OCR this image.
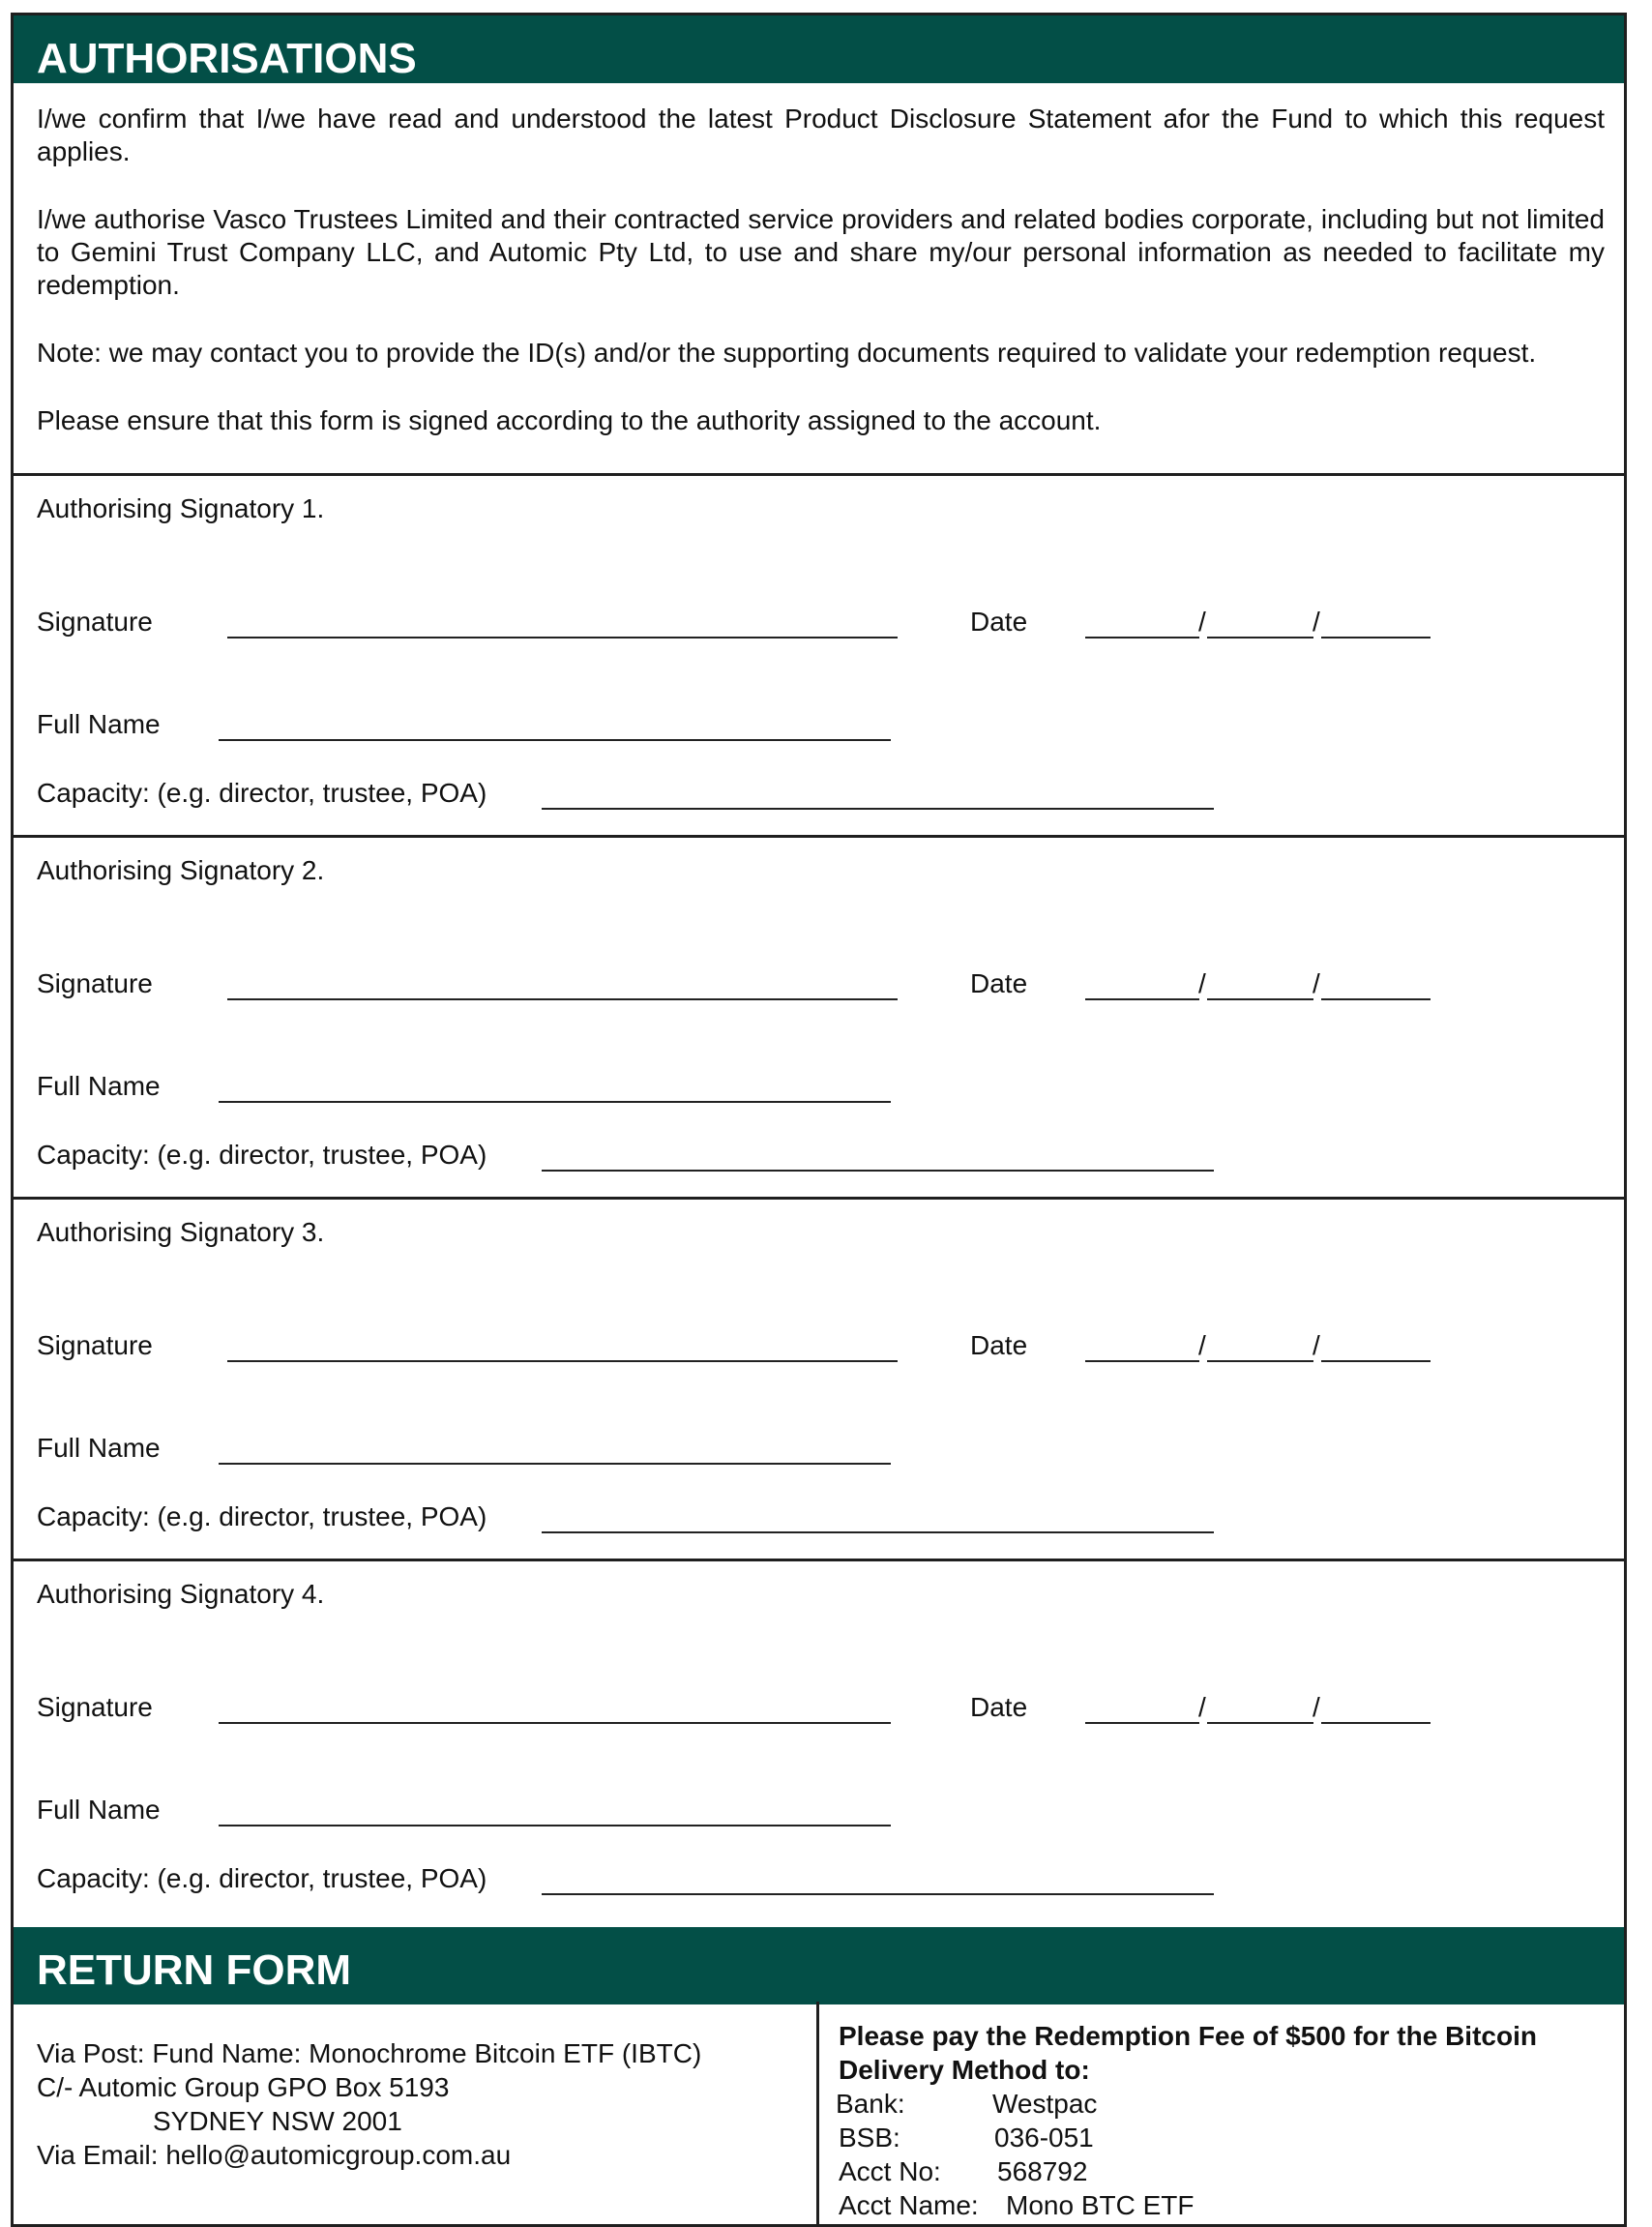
AUTHORISATIONS

I/we confirm that I/we have read and understood the latest Product Disclosure Statement afor the Fund to which this request applies.

I/we authorise Vasco Trustees Limited and their contracted service providers and related bodies corporate, including but not limited to Gemini Trust Company LLC, and Automic Pty Ltd, to use and share my/our personal information as needed to facilitate my redemption.

Note: we may contact you to provide the ID(s) and/or the supporting documents required to validate your redemption request.

Please ensure that this form is signed according to the authority assigned to the account.

Authorising Signatory 1.
Signature	Date	/	/
Full Name
Capacity: (e.g. director, trustee, POA)
Authorising Signatory 2.
Signature	Date	/	/
Full Name
Capacity: (e.g. director, trustee, POA)
Authorising Signatory 3.
Signature	Date	/	/
Full Name
Capacity: (e.g. director, trustee, POA)
Authorising Signatory 4.
Signature	Date	/	/
Full Name
Capacity: (e.g. director, trustee, POA)
RETURN FORM
Via Post: Fund Name: Monochrome Bitcoin ETF (IBTC)
C/- Automic Group GPO Box 5193
SYDNEY NSW 2001
Via Email: hello@automicgroup.com.au
Please pay the Redemption Fee of $500 for the Bitcoin Delivery Method to:
Bank:	Westpac
BSB:	036-051
Acct No:	568792
Acct Name:	Mono BTC ETF
